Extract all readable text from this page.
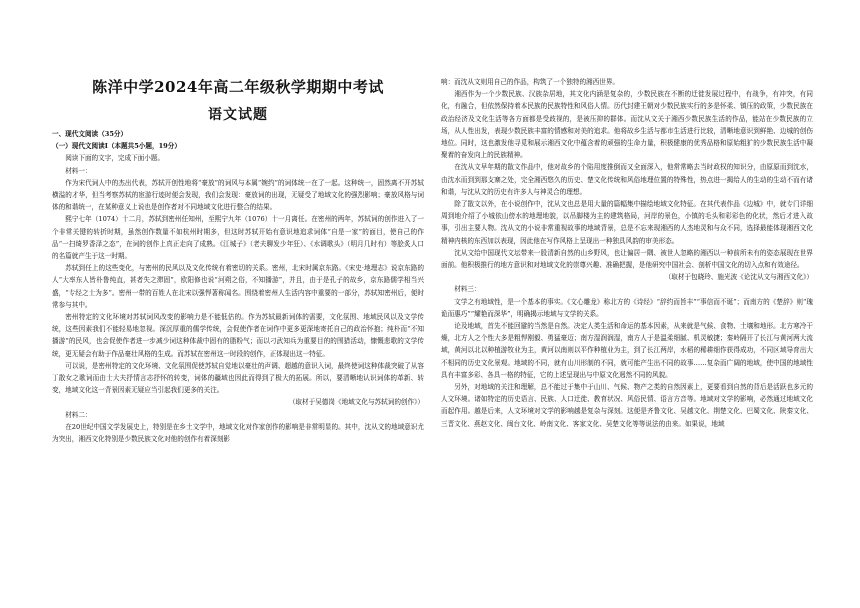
陈洋中学2024年高二年级秋学期期中考试
语文试题

一、现代文阅读（35分）

（一）现代文阅读Ⅰ（本题共5小题，19分）

阅读下面的文字，完成下面小题。

材料一：

作为宋代词人中的杰出代表，苏轼开创性地将“豪放”的词风与本属“婉约”的词体统一在了一起。这种统一，固然离不开苏轼横溢的才华，但当考察苏轼的宦游行迹时便会发现，我们会发现：豪放词的出现，无疑受了地域文化的强烈影响；豪放风格与词体的和谐统一，在某种意义上说也是创作者对不同地域文化进行整合的结果。

熙宁七年（1074）十二月，苏轼到密州任知州，至熙宁九年（1076）十一月离任。在密州的两年，苏轼词的创作进入了一个非常关键的转折时期，虽然创作数量不如杭州时期多，但这时苏轼开始有意识地追求词体“自是一家”的面目，使自己的作品“一扫绮罗香泽之态”，在词的创作上真正走向了成熟。《江城子》（老夫聊发少年狂）、《水调歌头》（明月几时有）等脍炙人口的名篇就产生于这一时期。

苏轼到任上的这些变化，与密州的民风以及文化传统有着密切的关系。密州，北宋时属京东路。《宋史·地理志》说京东路的人“大率东人皆朴鲁纯直，甚者失之滞固”，欧阳修也说“河朔之俗，不知播游”，并且，由于是孔子的故乡，京东路儒学相当兴盛，“专经之士为多”。密州一带的百姓人在北宋以强悍著称闻名。围绕着密州人生活内容中重要的一部分，苏轼知密州后，便时常参与其中。

密州特定的文化环境对苏轼词风改变的影响力是不能低估的。作为苏轼最新词体的需要，文化氛围、地域民风以及文学传统，这些因素我们不能轻易地忽视。深沉厚重的儒学传统，会促使作者在词作中更多更深地寄托自己的政治怀抱；纯朴而“不知播游”的民风，也会促使作者进一步减少词这种体裁中固有的脂粉气；而以刁武知兵为重要目的的围猎活动，慷慨悲歌的文学传统，更无疑会有助于作品豪壮风格的生成。而苏轼在密州这一时段的创作，正体现出这一特征。

可以说，是密州特定的文化环境、文化氛围促使苏轼自觉地以豪壮的声调、超越的意识入词，最终使词这种体裁突破了从容丁散女之歌词而由士大夫抒情言志抒怀的转变，词体的疆域也因此而得到了极大的拓展。所以，要清晰地认识词体的革新、转变，地域文化这一背景因素无疑应当引起我们更多的关注。

（取材于吴德岗《地域文化与苏轼词的创作》）

材料二：

在20世纪中国文学发展史上，特别是在乡土文学中，地域文化对作家创作的影响是非常明显的。其中，沈从文的地域意识尤为突出，湘西文化特别是少数民族文化对他的创作有着深刻影

响：而沈从文则用自己的作品，构筑了一个独特的湘西世界。

湘西作为一个少数民族、汉族杂居地，其文化内涵是复杂的，少数民族在不断的迁徙发展过程中，有战争，有冲突，有同化，有融合，但依然保持着本民族的民族特性和风俗人情。历代封建王朝对少数民族实行的多是怀柔、镇压的政策，少数民族在政治经济及文化生活等各方面都是受歧视的，是被压抑的群体。而沈从文关于湘西少数民族生活的作品，能站在少数民族的立场，从人性出发，表现少数民族丰富的情感和对美的追求。他将故乡生活与都市生活进行比较，清晰地意识到鲜艳、边城的创伤地位。同时，这也激发他寻觅和展示湘西文化中蕴含着的顽强的生命力量，积极健康的优秀品格和原始粗犷的少数民族生活中凝聚着的奋发向上的民族精神。

在沈从文早年期的散文作品中，他对故乡的个陷用度推倒而又全面深入，他常常略去当时政权的知识分，由原原而到沈水，由沈水而到到那支寨之处，完全湘西悠久的历史、楚文化传统和风俗地理位置的特殊性，热点进一揭给人的生动的生动不而有诸和谐，与沈从文的历史有许多人与神灵合的理想。

除了散文以外，在小说创作中，沈从文也总是用大量的篇幅集中描绘地域文化特征。在其代表作品《边城》中，就专门详细周到地介绍了小城依山傍水的地理地貌，以吊脚楼为主的建筑格局，河岸的景色，小镇的毛头和彩彩色的化状，然后才进入故事，引出主要人物。沈从文的小说非常重视故事的地域背景，总是不忘来现湘西的人杰地灵和与众不同，选择最能体现湘西文化精神内核的东西加以表现，因此他在写作风格上呈现出一种独具风韵的审美形态。

沈从文给中国现代文坛带来一股清新自然的山乡野风，也让偏居一隅、被世人忽略的湘西以一种前所未有的姿态展现在世界面前。他积极推行的地方意识和对地域文化的崇尊兴趣、准确把握，是他研究中国社会、剖析中国文化的切入点和有效途径。

（取材于包晓玲、施光波《论沈从文与湘西文化》）

材料三：

文学之有地域性，是一个基本的事实。《文心雕龙》称北方的《诗经》“辞约而旨丰”“事信而不诞”；而南方的《楚辞》则“瑰诡而惠巧”“耀艳而深华”，明确揭示地域与文学的关系。

论及地域，首先不能回避的当然是自然。决定人类生活和命运的基本因素，从来就是气候、食物、土壤和地形。北方寒冷干燥，北方人之个性大多是粗悍刚毅、勇猛豪迈；南方湿润润湿，南方人于是温柔细腻、机灵敏捷；秦岭隔开了长江与黄河两大流域，黄河以北以种植游牧业为主，黄河以南则以平作种植业为主，到了长江两岸，水稻的稀耕细作获得成功，不同区域导育出大不相同的历史文化景观。地域的不同，就有山川形制的不同，就可能产生出不同的故事……复杂而广阔的地域，使中国的地域性具有丰富多彩、各具一格的特征，它的上述呈现出与中原文化迥然不同的风貌。

另外，对地域的关注和理解，总不能过于集中于山川、气候、物产之类的自然因素上，更要看到自然的背后是活跃也多元的人文环境。诸如特定的历史语言、民族、人口迁徙、教育状况、风俗民情、语言方音等。地域对文学的影响，必然通过地域文化而起作用。越是后来，人文环境对文学的影响越是复杂与深刻。这便是齐鲁文化、吴越文化、荆楚文化、巴蜀文化、陕秦文化、三晋文化、燕赵文化、闽台文化、岭南文化、客家文化、吴楚文化等等说法的由来。如果说，地域
